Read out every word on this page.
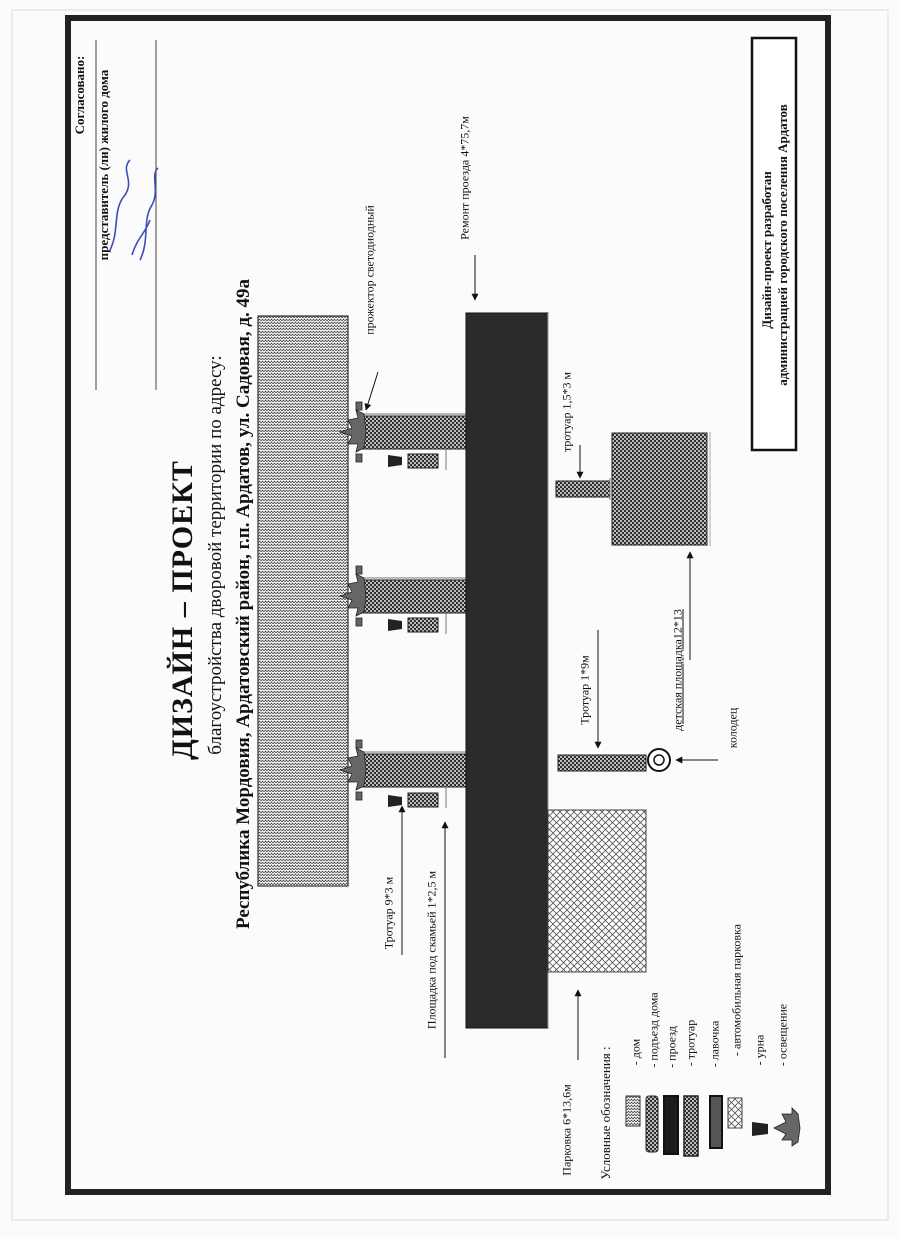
ДИЗАЙН – ПРОЕКТ благоустройства дворовой территории по адресу: Республика Мордовия, Ардатовский район, г.п. Ардатов, ул. Садовая, д. 49а
Согласовано: представитель (ли) жилого дома	Дизайн-проект разработан администрацией городского поселения Ардатов
прожектор светодиодный
Ремонт проезда 4*75,7м
тротуар 1,5*3 м
Тротуар 1*9м	детская площадка12*13	колодец
Тротуар 9*3 м Площадка под скамьей 1*2,5 м
Парковка 6*13,6м Условные обозначения : - дом - подъезд дома - проезд - тротуар - лавочка - автомобильная парковка - урна - освещение
